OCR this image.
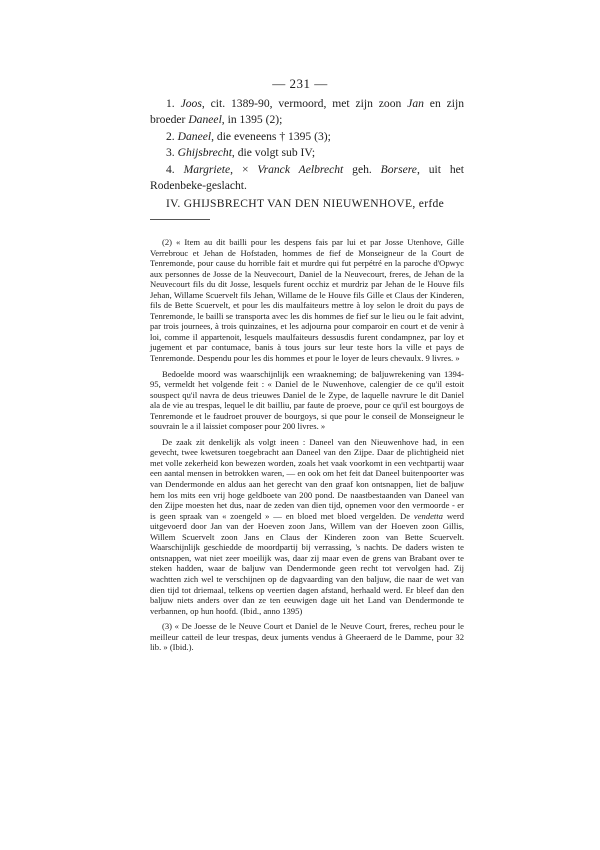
— 231 —

1. Joos, cit. 1389-90, vermoord, met zijn zoon Jan en zijn broeder Daneel, in 1395 (2);

2. Daneel, die eveneens † 1395 (3);

3. Ghijsbrecht, die volgt sub IV;

4. Margriete, × Vranck Aelbrecht geh. Borsere, uit het Rodenbeke-geslacht.

IV. GHIJSBRECHT VAN DEN NIEUWENHOVE, erfde

(2) « Item au dit bailli pour les despens fais par lui et par Josse Utenhove, Gille Verrebrouc et Jehan de Hofstaden, hommes de fief de Monseigneur de la Court de Tenremonde, pour cause du horrible fait et murdre qui fut perpétré en la paroche d'Opwyc aux personnes de Josse de la Neuvecourt, Daniel de la Neuvecourt, freres, de Jehan de la Neuvecourt fils du dit Josse, lesquels furent occhiz et murdriz par Jehan de le Houve fils Jehan, Willame Scuervelt fils Jehan, Willame de le Houve fils Gille et Claus der Kinderen, fils de Bette Scuervelt, et pour les dis maulfaiteurs mettre à loy selon le droit du pays de Tenremonde, le bailli se transporta avec les dis hommes de fief sur le lieu ou le fait advint, par trois journees, à trois quinzaines, et les adjourna pour comparoir en court et de venir à loi, comme il appartenoit, lesquels maulfaiteurs dessusdis furent condampnez, par loy et jugement et par contumace, banis à tous jours sur leur teste hors la ville et pays de Tenremonde. Despendu pour les dis hommes et pour le loyer de leurs chevaulx. 9 livres. »

Bedoelde moord was waarschijnlijk een wraakneming; de baljuwrekening van 1394-95, vermeldt het volgende feit : « Daniel de le Nuwenhove, calengier de ce qu'il estoit souspect qu'il navra de deus trieuwes Daniel de le Zype, de laquelle navrure le dit Daniel ala de vie au trespas, lequel le dit bailliu, par faute de proeve, pour ce qu'il est bourgoys de Tenremonde et le faudroet prouver de bourgoys, si que pour le conseil de Monseigneur le souvrain le a il laissiet composer pour 200 livres. »

De zaak zit denkelijk als volgt ineen : Daneel van den Nieuwenhove had, in een gevecht, twee kwetsuren toegebracht aan Daneel van den Zijpe. Daar de plichtigheid niet met volle zekerheid kon bewezen worden, zoals het vaak voorkomt in een vechtpartij waar een aantal mensen in betrokken waren, — en ook om het feit dat Daneel buitenpoorter was van Dendermonde en aldus aan het gerecht van den graaf kon ontsnappen, liet de baljuw hem los mits een vrij hoge geldboete van 200 pond. De naastbestaanden van Daneel van den Zijpe moesten het dus, naar de zeden van dien tijd, opnemen voor den vermoorde - er is geen spraak van « zoengeld » — en bloed met bloed vergelden. De vendetta werd uitgevoerd door Jan van der Hoeven zoon Jans, Willem van der Hoeven zoon Gillis, Willem Scuervelt zoon Jans en Claus der Kinderen zoon van Bette Scuervelt. Waarschijnlijk geschiedde de moordpartij bij verrassing, 's nachts. De daders wisten te ontsnappen, wat niet zeer moeilijk was, daar zij maar even de grens van Brabant over te steken hadden, waar de baljuw van Dendermonde geen recht tot vervolgen had. Zij wachtten zich wel te verschijnen op de dagvaarding van den baljuw, die naar de wet van dien tijd tot driemaal, telkens op veertien dagen afstand, herhaald werd. Er bleef dan den baljuw niets anders over dan ze ten eeuwigen dage uit het Land van Dendermonde te verbannen, op hun hoofd. (Ibid., anno 1395)

(3) « De Joesse de le Neuve Court et Daniel de le Neuve Court, freres, recheu pour le meilleur catteil de leur trespas, deux juments vendus à Gheeraerd de le Damme, pour 32 lib. » (Ibid.).
